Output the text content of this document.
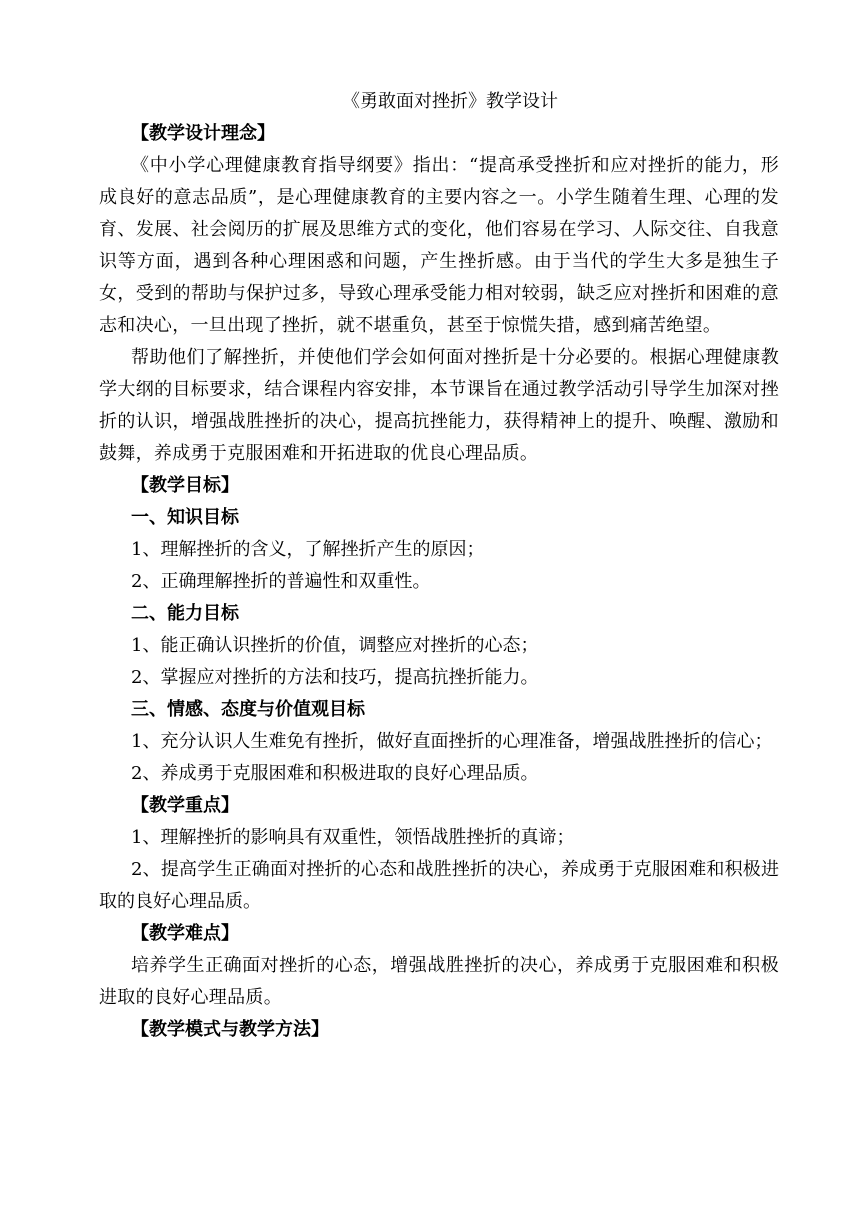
《勇敢面对挫折》教学设计
【教学设计理念】

《中小学心理健康教育指导纲要》指出：“提高承受挫折和应对挫折的能力，形成良好的意志品质”，是心理健康教育的主要内容之一。小学生随着生理、心理的发育、发展、社会阅历的扩展及思维方式的变化，他们容易在学习、人际交往、自我意识等方面，遇到各种心理困惑和问题，产生挫折感。由于当代的学生大多是独生子女，受到的帮助与保护过多，导致心理承受能力相对较弱，缺乏应对挫折和困难的意志和决心，一旦出现了挫折，就不堪重负，甚至于惊慌失措，感到痛苦绝望。

帮助他们了解挫折，并使他们学会如何面对挫折是十分必要的。根据心理健康教学大纲的目标要求，结合课程内容安排，本节课旨在通过教学活动引导学生加深对挫折的认识，增强战胜挫折的决心，提高抗挫能力，获得精神上的提升、唤醒、激励和鼓舞，养成勇于克服困难和开拓进取的优良心理品质。

【教学目标】
一、知识目标

1、理解挫折的含义，了解挫折产生的原因；

2、正确理解挫折的普遍性和双重性。

二、能力目标

1、能正确认识挫折的价值，调整应对挫折的心态；

2、掌握应对挫折的方法和技巧，提高抗挫折能力。

三、情感、态度与价值观目标

1、充分认识人生难免有挫折，做好直面挫折的心理准备，增强战胜挫折的信心；

2、养成勇于克服困难和积极进取的良好心理品质。

【教学重点】

1、理解挫折的影响具有双重性，领悟战胜挫折的真谛；

2、提高学生正确面对挫折的心态和战胜挫折的决心，养成勇于克服困难和积极进取的良好心理品质。

【教学难点】

培养学生正确面对挫折的心态，增强战胜挫折的决心，养成勇于克服困难和积极进取的良好心理品质。

【教学模式与教学方法】
